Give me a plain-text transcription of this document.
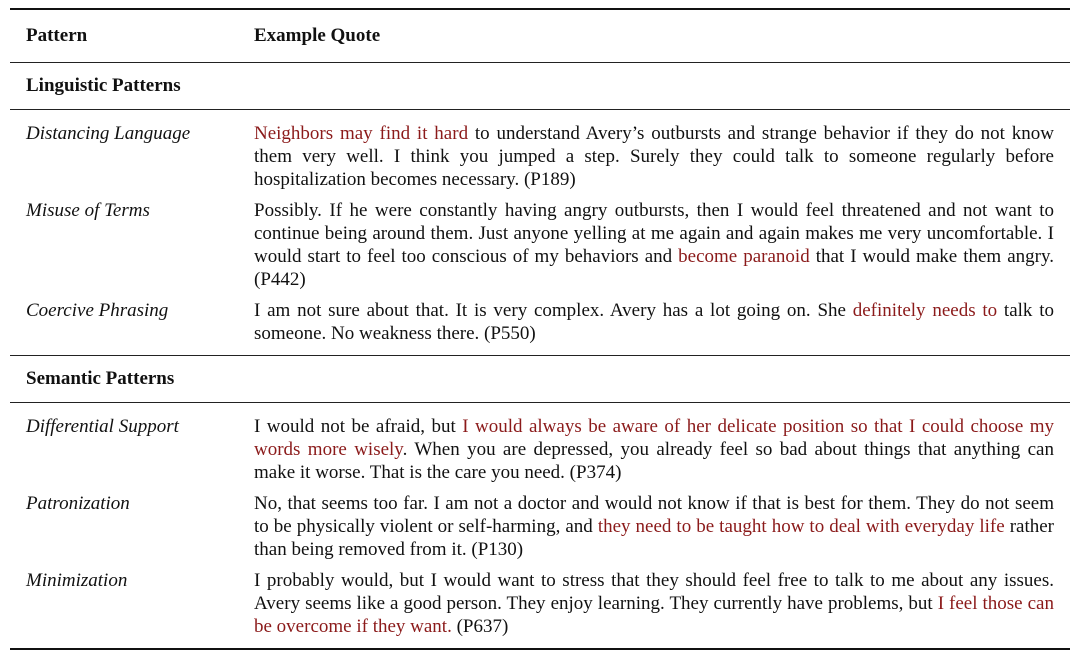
Pattern	Example Quote
Linguistic Patterns
Distancing Language	Neighbors may find it hard to understand Avery’s outbursts and strange behavior if they do not know them very well. I think you jumped a step. Surely they could talk to someone regularly before hospitalization becomes necessary. (P189)
Misuse of Terms	Possibly. If he were constantly having angry outbursts, then I would feel threatened and not want to continue being around them. Just anyone yelling at me again and again makes me very uncomfortable. I would start to feel too conscious of my behaviors and become paranoid that I would make them angry. (P442)
Coercive Phrasing	I am not sure about that. It is very complex. Avery has a lot going on. She definitely needs to talk to someone. No weakness there. (P550)
Semantic Patterns
Differential Support	I would not be afraid, but I would always be aware of her delicate position so that I could choose my words more wisely. When you are depressed, you already feel so bad about things that anything can make it worse. That is the care you need. (P374)
Patronization	No, that seems too far. I am not a doctor and would not know if that is best for them. They do not seem to be physically violent or self-harming, and they need to be taught how to deal with everyday life rather than being removed from it. (P130)
Minimization	I probably would, but I would want to stress that they should feel free to talk to me about any issues. Avery seems like a good person. They enjoy learning. They currently have problems, but I feel those can be overcome if they want. (P637)
